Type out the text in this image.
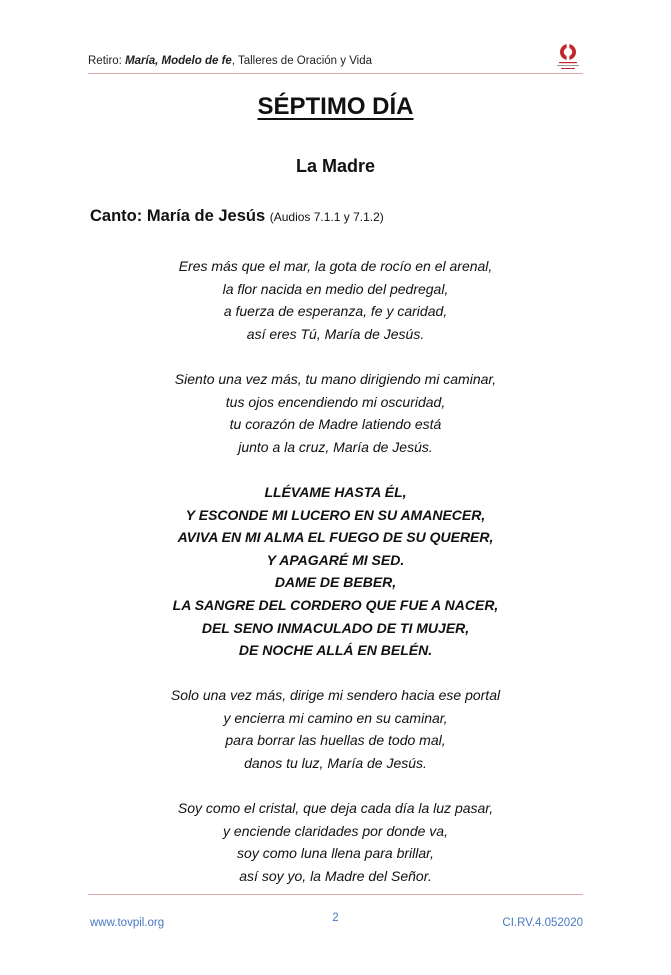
Retiro: María, Modelo de fe, Talleres de Oración y Vida
SÉPTIMO DÍA
La Madre
Canto: María de Jesús (Audios 7.1.1 y 7.1.2)
Eres más que el mar, la gota de rocío en el arenal,
la flor nacida en medio del pedregal,
a fuerza de esperanza, fe y caridad,
así eres Tú, María de Jesús.
Siento una vez más, tu mano dirigiendo mi caminar,
tus ojos encendiendo mi oscuridad,
tu corazón de Madre latiendo está
junto a la cruz, María de Jesús.
LLÉVAME HASTA ÉL,
Y ESCONDE MI LUCERO EN SU AMANECER,
AVIVA EN MI ALMA EL FUEGO DE SU QUERER,
Y APAGARÉ MI SED.
DAME DE BEBER,
LA SANGRE DEL CORDERO QUE FUE A NACER,
DEL SENO INMACULADO DE TI MUJER,
DE NOCHE ALLÁ EN BELÉN.
Solo una vez más, dirige mi sendero hacia ese portal
y encierra mi camino en su caminar,
para borrar las huellas de todo mal,
danos tu luz, María de Jesús.
Soy como el cristal, que deja cada día la luz pasar,
y enciende claridades por donde va,
soy como luna llena para brillar,
así soy yo, la Madre del Señor.
www.tovpil.org	2	CI.RV.4.052020
